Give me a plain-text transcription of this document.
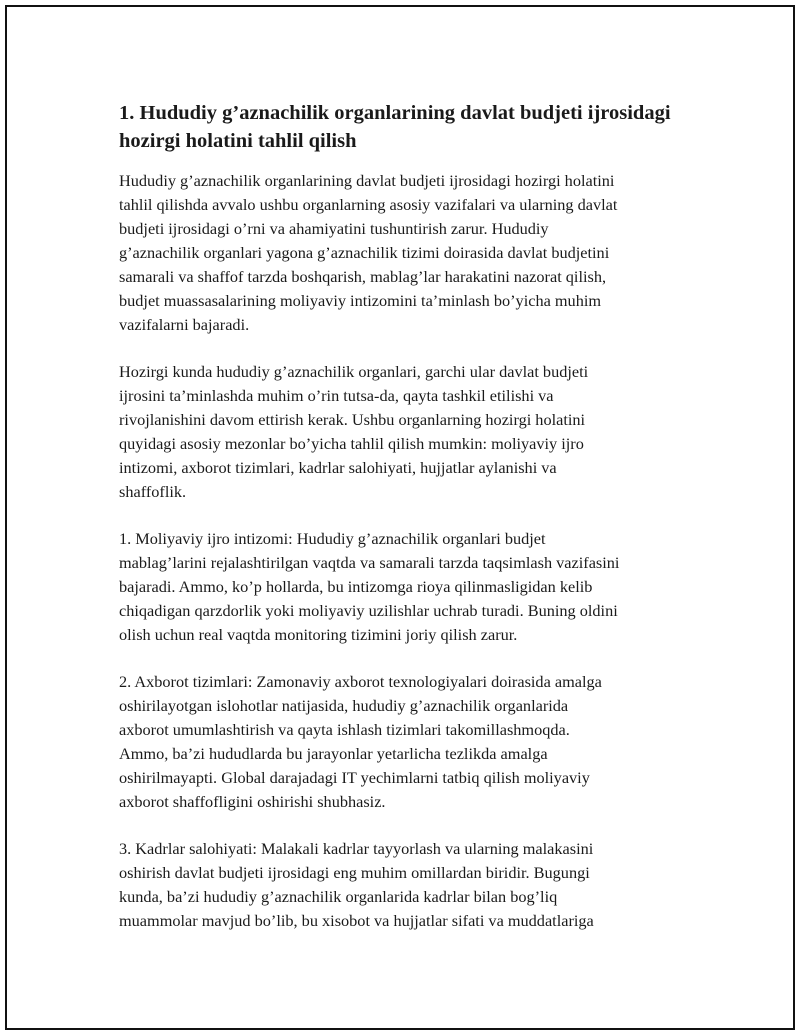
1. Hududiy g’aznachilik organlarining davlat budjeti ijrosidagi
hozirgi holatini tahlil qilish

Hududiy g’aznachilik organlarining davlat budjeti ijrosidagi hozirgi holatini
tahlil qilishda avvalo ushbu organlarning asosiy vazifalari va ularning davlat
budjeti ijrosidagi o’rni va ahamiyatini tushuntirish zarur. Hududiy
g’aznachilik organlari yagona g’aznachilik tizimi doirasida davlat budjetini
samarali va shaffof tarzda boshqarish, mablag’lar harakatini nazorat qilish,
budjet muassasalarining moliyaviy intizomini ta’minlash bo’yicha muhim
vazifalarni bajaradi.

Hozirgi kunda hududiy g’aznachilik organlari, garchi ular davlat budjeti
ijrosini ta’minlashda muhim o’rin tutsa-da, qayta tashkil etilishi va
rivojlanishini davom ettirish kerak. Ushbu organlarning hozirgi holatini
quyidagi asosiy mezonlar bo’yicha tahlil qilish mumkin: moliyaviy ijro
intizomi, axborot tizimlari, kadrlar salohiyati, hujjatlar aylanishi va
shaffoflik.

1. Moliyaviy ijro intizomi: Hududiy g’aznachilik organlari budjet
mablag’larini rejalashtirilgan vaqtda va samarali tarzda taqsimlash vazifasini
bajaradi. Ammo, ko’p hollarda, bu intizomga rioya qilinmasligidan kelib
chiqadigan qarzdorlik yoki moliyaviy uzilishlar uchrab turadi. Buning oldini
olish uchun real vaqtda monitoring tizimini joriy qilish zarur.

2. Axborot tizimlari: Zamonaviy axborot texnologiyalari doirasida amalga
oshirilayotgan islohotlar natijasida, hududiy g’aznachilik organlarida
axborot umumlashtirish va qayta ishlash tizimlari takomillashmoqda.
Ammo, ba’zi hududlarda bu jarayonlar yetarlicha tezlikda amalga
oshirilmayapti. Global darajadagi IT yechimlarni tatbiq qilish moliyaviy
axborot shaffofligini oshirishi shubhasiz.

3. Kadrlar salohiyati: Malakali kadrlar tayyorlash va ularning malakasini
oshirish davlat budjeti ijrosidagi eng muhim omillardan biridir. Bugungi
kunda, ba’zi hududiy g’aznachilik organlarida kadrlar bilan bog’liq
muammolar mavjud bo’lib, bu xisobot va hujjatlar sifati va muddatlariga
